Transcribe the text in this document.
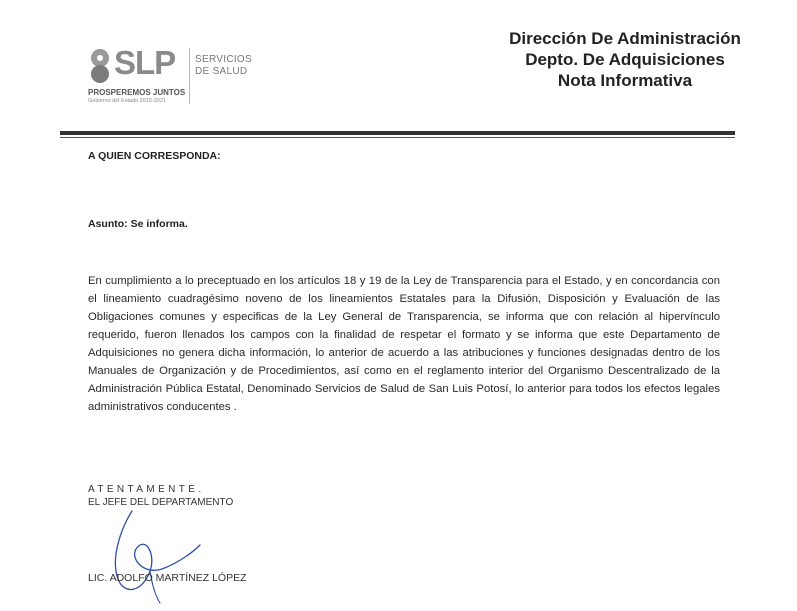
SLP
PROSPEREMOS JUNTOS
Gobierno del Estado 2015-2021
SERVICIOS
DE SALUD
Dirección De Administración
Depto. De Adquisiciones
Nota Informativa
A QUIEN CORRESPONDA:
Asunto: Se informa.
En cumplimiento a lo preceptuado en los artículos 18 y 19 de la Ley de Transparencia para el Estado, y en concordancia con el lineamiento cuadragésimo noveno de los lineamientos Estatales para la Difusión, Disposición y Evaluación de las Obligaciones comunes y especificas de la Ley General de Transparencia, se informa que con relación al hipervínculo requerido, fueron llenados los campos con la finalidad de respetar el formato y se informa que este Departamento de Adquisiciones no genera dicha información, lo anterior de acuerdo a las atribuciones y funciones designadas dentro de los Manuales de Organización y de Procedimientos, así como en el reglamento interior del Organismo Descentralizado de la Administración Pública Estatal, Denominado Servicios de Salud de San Luis Potosí, lo anterior para todos los efectos legales administrativos conducentes .
ATENTAMENTE.
EL JEFE DEL DEPARTAMENTO
LIC. ADOLFO MARTÍNEZ LÓPEZ
